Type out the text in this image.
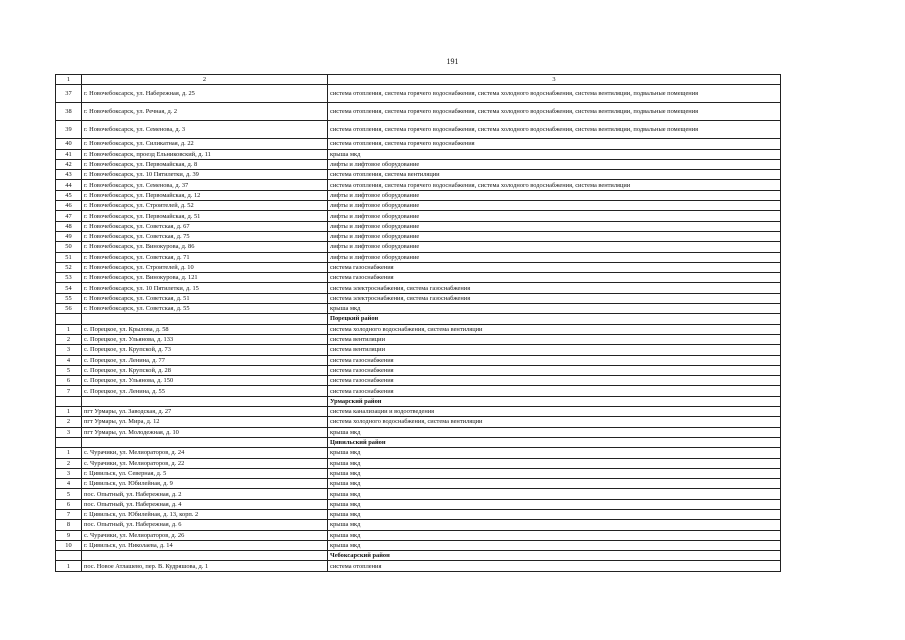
191
1	2	3
37	г. Новочебоксарск, ул. Набережная, д. 25	система отопления, система горячего водоснабжения, система холодного водоснабжения, система вентиляции, подвальные помещения
38	г. Новочебоксарск, ул. Речная, д. 2	система отопления, система горячего водоснабжения, система холодного водоснабжения, система вентиляции, подвальные помещения
39	г. Новочебоксарск, ул. Семенова, д. 3	система отопления, система горячего водоснабжения, система холодного водоснабжения, система вентиляции, подвальные помещения
40	г. Новочебоксарск, ул. Силикатная, д. 22	система отопления, система горячего водоснабжения
41	г. Новочебоксарск, проезд Ельниковский, д. 11	крыша мкд
42	г. Новочебоксарск, ул. Первомайская, д. 8	лифты и лифтовое оборудование
43	г. Новочебоксарск, ул. 10 Пятилетки, д. 39	система отопления, система вентиляции
44	г. Новочебоксарск, ул. Семенова, д. 37	система отопления, система горячего водоснабжения, система холодного водоснабжения, система вентиляции
45	г. Новочебоксарск, ул. Первомайская, д. 12	лифты и лифтовое оборудование
46	г. Новочебоксарск, ул. Строителей, д. 52	лифты и лифтовое оборудование
47	г. Новочебоксарск, ул. Первомайская, д. 51	лифты и лифтовое оборудование
48	г. Новочебоксарск, ул. Советская, д. 67	лифты и лифтовое оборудование
49	г. Новочебоксарск, ул. Советская, д. 75	лифты и лифтовое оборудование
50	г. Новочебоксарск, ул. Винокурова, д. 86	лифты и лифтовое оборудование
51	г. Новочебоксарск, ул. Советская, д. 71	лифты и лифтовое оборудование
52	г. Новочебоксарск, ул. Строителей, д. 10	система газоснабжения
53	г. Новочебоксарск, ул. Винокурова, д. 121	система газоснабжения
54	г. Новочебоксарск, ул. 10 Пятилетки, д. 15	система электроснабжения, система газоснабжения
55	г. Новочебоксарск, ул. Советская, д. 51	система электроснабжения, система газоснабжения
56	г. Новочебоксарск, ул. Советская, д. 55	крыша мкд
		Порецкий район
1	с. Порецкое, ул. Крылова, д. 58	система холодного водоснабжения, система вентиляции
2	с. Порецкое, ул. Ульянова, д. 133	система вентиляции
3	с. Порецкое, ул. Крупской, д. 73	система вентиляции
4	с. Порецкое, ул. Ленина, д. 77	система газоснабжения
5	с. Порецкое, ул. Крупской, д. 28	система газоснабжения
6	с. Порецкое, ул. Ульянова, д. 150	система газоснабжения
7	с. Порецкое, ул. Ленина, д. 55	система газоснабжения
		Урмарский район
1	пгт Урмары, ул. Заводская, д. 27	система канализации и водоотведения
2	пгт Урмары, ул. Мира, д. 12	система холодного водоснабжения, система вентиляции
3	пгт Урмары, ул. Молодежная, д. 10	крыша мкд
		Цивильский район
1	с. Чурачики, ул. Мелиораторов, д. 24	крыша мкд
2	с. Чурачики, ул. Мелиораторов, д. 22	крыша мкд
3	г. Цивильск, ул. Северная, д. 5	крыша мкд
4	г. Цивильск, ул. Юбилейная, д. 9	крыша мкд
5	пос. Опытный, ул. Набережная, д. 2	крыша мкд
6	пос. Опытный, ул. Набережная, д. 4	крыша мкд
7	г. Цивильск, ул. Юбилейная, д. 13, корп. 2	крыша мкд
8	пос. Опытный, ул. Набережная, д. 6	крыша мкд
9	с. Чурачики, ул. Мелиораторов, д. 26	крыша мкд
10	г. Цивильск, ул. Николаева, д. 14	крыша мкд
		Чебоксарский район
1	пос. Новое Атлашево, пер. В. Кудряшова, д. 1	система отопления
